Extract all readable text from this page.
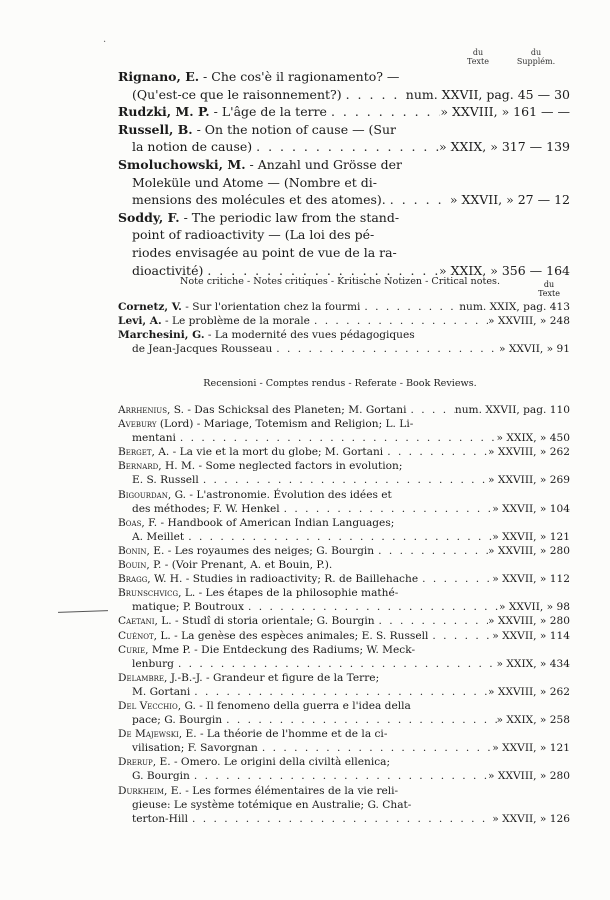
·
du
Texte
du
Supplém.
Rignano, E. - Che cos'è il ragionamento? —
(Qu'est-ce que le raisonnement?) . . .	num. XXVII, pag. 45 — 30
Rudzki, M. P. - L'âge de la terre . . .	» XXVIII, » 161 — —
Russell, B. - On the notion of cause — (Sur
la notion de cause) . . .	» XXIX, » 317 — 139
Smoluchowski, M. - Anzahl und Grösse der
Moleküle und Atome — (Nombre et di-
mensions des molécules et des atomes). . . .	» XXVII, » 27 — 12
Soddy, F. - The periodic law from the stand-
point of radioactivity — (La loi des pé-
riodes envisagée au point de vue de la ra-
dioactivité) . . .	» XXIX, » 356 — 164
Note critiche - Notes critiques - Kritische Notizen - Critical notes.	du
Texte
Cornetz, V. - Sur l'orientation chez la fourmi . . .	num. XXIX, pag. 413
Levi, A. - Le problème de la morale . . .	» XXVIII, » 248
Marchesini, G. - La modernité des vues pédagogiques
de Jean-Jacques Rousseau . . .	» XXVII, » 91
Recensioni - Comptes rendus - Referate - Book Reviews.
Arrhenius, S. - Das Schicksal des Planeten; M. Gortani . . .	num. XXVII, pag. 110
Avebury (Lord) - Mariage, Totemism and Religion; L. Li-
mentani . . .	» XXIX, » 450
Berget, A. - La vie et la mort du globe; M. Gortani . . .	» XXVIII, » 262
Bernard, H. M. - Some neglected factors in evolution;
E. S. Russell . . .	» XXVIII, » 269
Bigourdan, G. - L'astronomie. Évolution des idées et
des méthodes; F. W. Henkel . . .	» XXVII, » 104
Boas, F. - Handbook of American Indian Languages;
A. Meillet . . .	» XXVII, » 121
Bonin, E. - Les royaumes des neiges; G. Bourgin . . .	» XXVIII, » 280
Bouin, P. - (Voir Prenant, A. et Bouin, P.).
Bragg, W. H. - Studies in radioactivity; R. de Baillehache . . .	» XXVII, » 112
Brunschvicg, L. - Les étapes de la philosophie mathé-
matique; P. Boutroux . . .	» XXVII, » 98
Caetani, L. - Studî di storia orientale; G. Bourgin . . .	» XXVIII, » 280
Cuénot, L. - La genèse des espèces animales; E. S. Russell . . .	» XXVII, » 114
Curie, Mme P. - Die Entdeckung des Radiums; W. Meck-
lenburg . . .	» XXIX, » 434
Delambre, J.-B.-J. - Grandeur et figure de la Terre;
M. Gortani . . .	» XXVIII, » 262
Del Vecchio, G. - Il fenomeno della guerra e l'idea della
pace; G. Bourgin . . .	» XXIX, » 258
De Majewski, E. - La théorie de l'homme et de la ci-
vilisation; F. Savorgnan . . .	» XXVII, » 121
Drerup, E. - Omero. Le origini della civiltà ellenica;
G. Bourgin . . .	» XXVIII, » 280
Durkheim, E. - Les formes élémentaires de la vie reli-
gieuse: Le système totémique en Australie; G. Chat-
terton-Hill . . .	» XXVII, » 126
